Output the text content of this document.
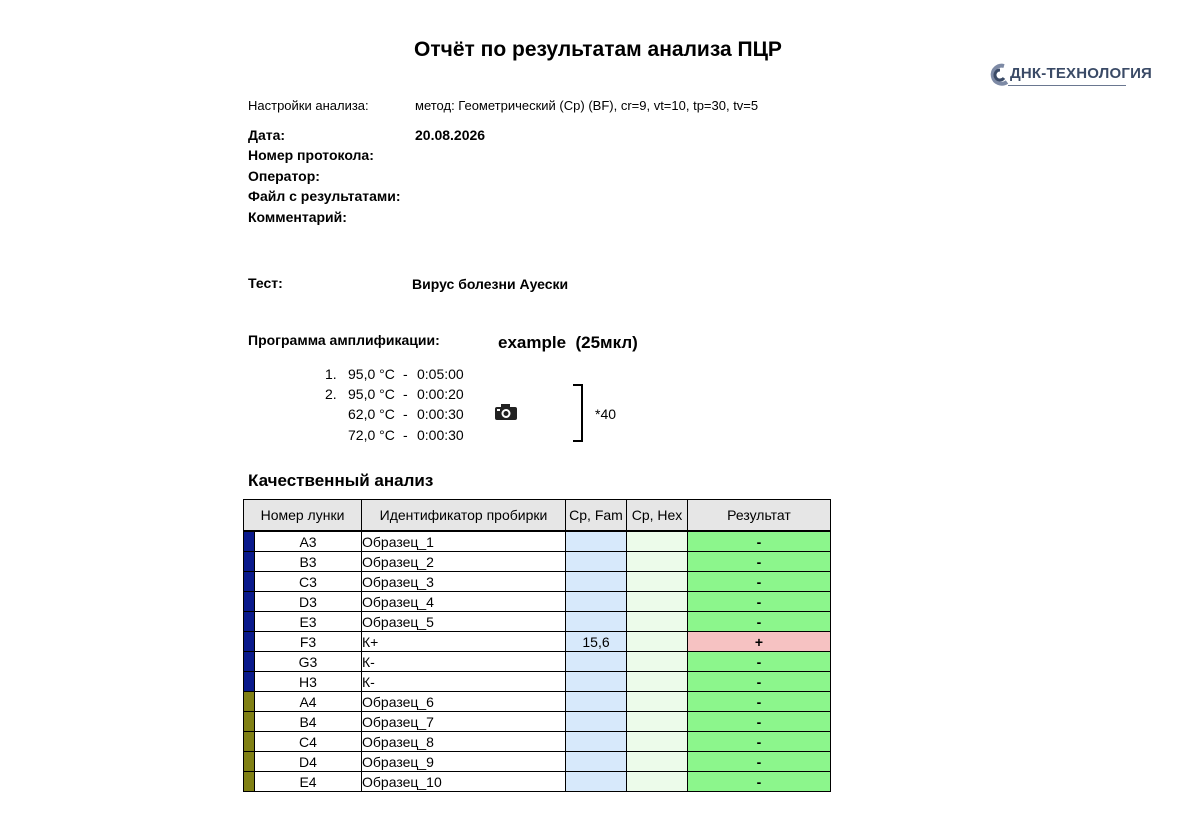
Отчёт по результатам анализа ПЦР
ДНК-ТЕХНОЛОГИЯ
Настройки анализа:	метод: Геометрический (Cp) (BF), cr=9, vt=10, tp=30, tv=5
Дата:	20.08.2026
Номер протокола:
Оператор:
Файл с результатами:
Комментарий:
Тест:	Вирус болезни Ауески
Программа амплификации:	example  (25мкл)
1. 95,0 °С - 0:05:00
2. 95,0 °С - 0:00:20
62,0 °С - 0:00:30
72,0 °С - 0:00:30
*40
Качественный анализ
Номер лунки		Идентификатор пробирки	Cp, Fam	Cp, Hex	Результат
	A3	Образец_1			-
	B3	Образец_2			-
	C3	Образец_3			-
	D3	Образец_4			-
	E3	Образец_5			-
	F3	К+	15,6		+
	G3	К-			-
	H3	К-			-
	A4	Образец_6			-
	B4	Образец_7			-
	C4	Образец_8			-
	D4	Образец_9			-
	E4	Образец_10			-
